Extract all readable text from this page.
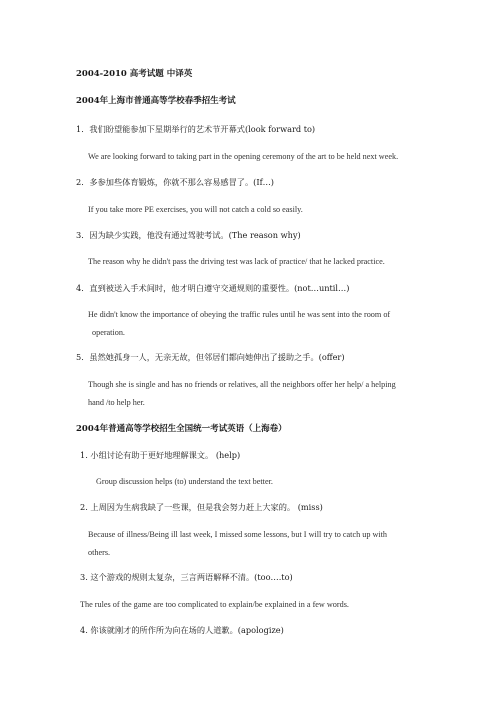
2004-2010 高考试题 中译英
2004年上海市普通高等学校春季招生考试
1．我们盼望能参加下星期举行的艺术节开幕式(look forward to)
We are looking forward to taking part in the opening ceremony of the art to be held next week.
2．多参加些体育锻炼，你就不那么容易感冒了。(If…)
If you take more PE exercises, you will not catch a cold so easily.
3．因为缺少实践，他没有通过驾驶考试。(The reason why)
The reason why he didn't pass the driving test was lack of practice/ that he lacked practice.
4．直到被送入手术间时，他才明白遵守交通规则的重要性。(not…until…)
He didn't know the importance of obeying the traffic rules until he was sent into the room of
operation.
5．虽然她孤身一人，无亲无故，但邻居们都向她伸出了援助之手。(offer)
Though she is single and has no friends or relatives, all the neighbors offer her help/ a helping
hand /to help her.
2004年普通高等学校招生全国统一考试英语（上海卷）
1. 小组讨论有助于更好地理解课文。 (help)
Group discussion helps (to) understand the text better.
2. 上周因为生病我缺了一些课，但是我会努力赶上大家的。 (miss)
Because of illness/Being ill last week, I missed some lessons, but I will try to catch up with
others.
3. 这个游戏的规则太复杂，三言两语解释不清。(too….to)
The rules of the game are too complicated to explain/be explained in a few words.
4. 你该就刚才的所作所为向在场的人道歉。(apologize)
